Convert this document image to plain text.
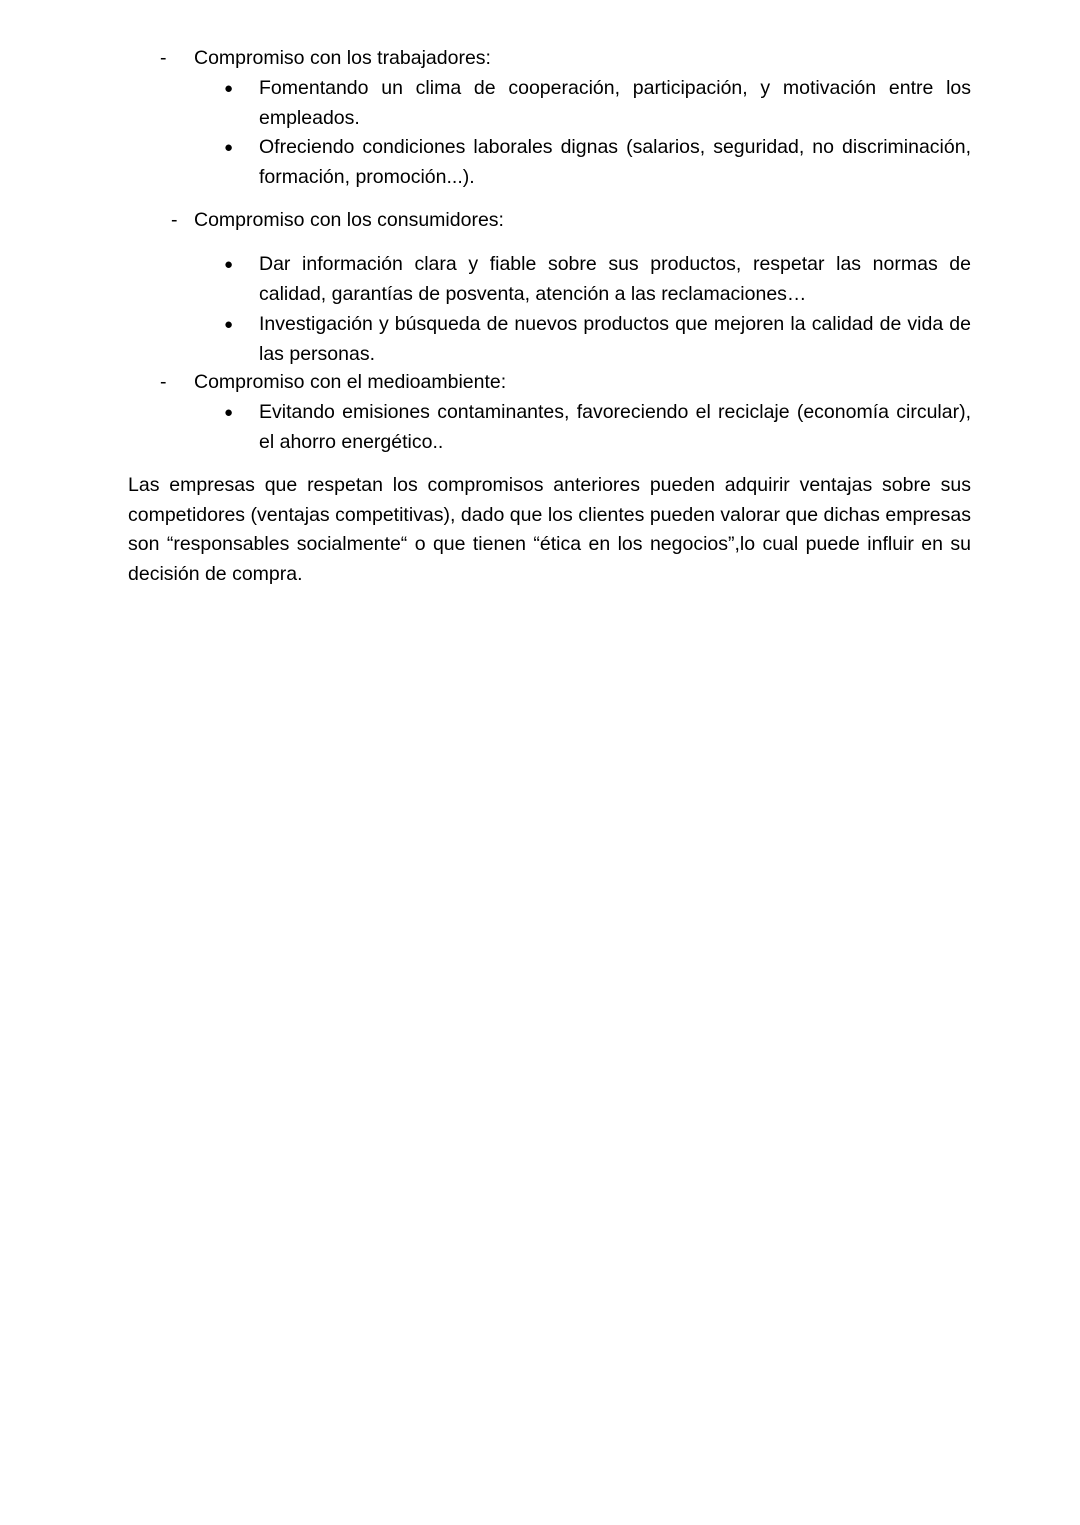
- Compromiso con los trabajadores:
● Fomentando un clima de cooperación, participación, y motivación entre los empleados.
● Ofreciendo condiciones laborales dignas (salarios, seguridad, no discriminación, formación, promoción...).
- Compromiso con los consumidores:
● Dar información clara y fiable sobre sus productos, respetar las normas de calidad, garantías de posventa, atención a las reclamaciones…
● Investigación y búsqueda de nuevos productos que mejoren la calidad de vida de las personas.
- Compromiso con el medioambiente:
● Evitando emisiones contaminantes, favoreciendo el reciclaje (economía circular), el ahorro energético..

Las empresas que respetan los compromisos anteriores pueden adquirir ventajas sobre sus competidores (ventajas competitivas), dado que los clientes pueden valorar que dichas empresas son “responsables socialmente“ o que tienen “ética en los negocios”,lo cual puede influir en su decisión de compra.
